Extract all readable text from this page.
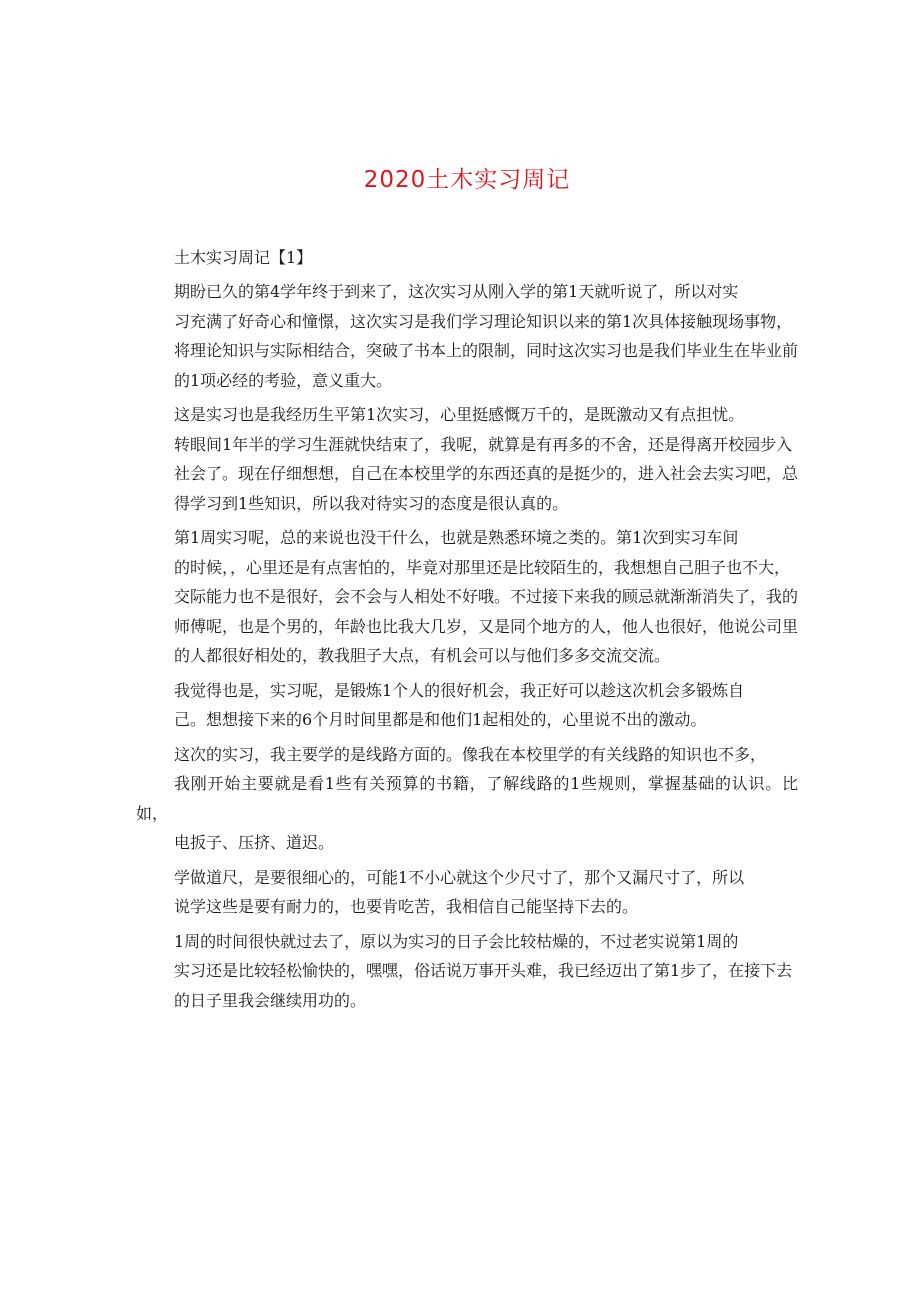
2020土木实习周记

土木实习周记【1】

期盼已久的第4学年终于到来了，这次实习从刚入学的第1天就听说了，所以对实
习充满了好奇心和憧憬，这次实习是我们学习理论知识以来的第1次具体接触现场事物，
将理论知识与实际相结合，突破了书本上的限制，同时这次实习也是我们毕业生在毕业前
的1项必经的考验，意义重大。

这是实习也是我经历生平第1次实习，心里挺感慨万千的，是既激动又有点担忧。
转眼间1年半的学习生涯就快结束了，我呢，就算是有再多的不舍，还是得离开校园步入
社会了。现在仔细想想，自己在本校里学的东西还真的是挺少的，进入社会去实习吧，总
得学习到1些知识，所以我对待实习的态度是很认真的。

第1周实习呢，总的来说也没干什么，也就是熟悉环境之类的。第1次到实习车间
的时候，，心里还是有点害怕的，毕竟对那里还是比较陌生的，我想想自己胆子也不大，
交际能力也不是很好，会不会与人相处不好哦。不过接下来我的顾忌就渐渐消失了，我的
师傅呢，也是个男的，年龄也比我大几岁，又是同个地方的人，他人也很好，他说公司里
的人都很好相处的，教我胆子大点，有机会可以与他们多多交流交流。

我觉得也是，实习呢，是锻炼1个人的很好机会，我正好可以趁这次机会多锻炼自
己。想想接下来的6个月时间里都是和他们1起相处的，心里说不出的激动。

这次的实习，我主要学的是线路方面的。像我在本校里学的有关线路的知识也不多，
我刚开始主要就是看1些有关预算的书籍，了解线路的1些规则，掌握基础的认识。比如，
电扳子、压挤、道迟。

学做道尺，是要很细心的，可能1不小心就这个少尺寸了，那个又漏尺寸了，所以
说学这些是要有耐力的，也要肯吃苦，我相信自己能坚持下去的。

1周的时间很快就过去了，原以为实习的日子会比较枯燥的，不过老实说第1周的
实习还是比较轻松愉快的，嘿嘿，俗话说万事开头难，我已经迈出了第1步了，在接下去
的日子里我会继续用功的。
